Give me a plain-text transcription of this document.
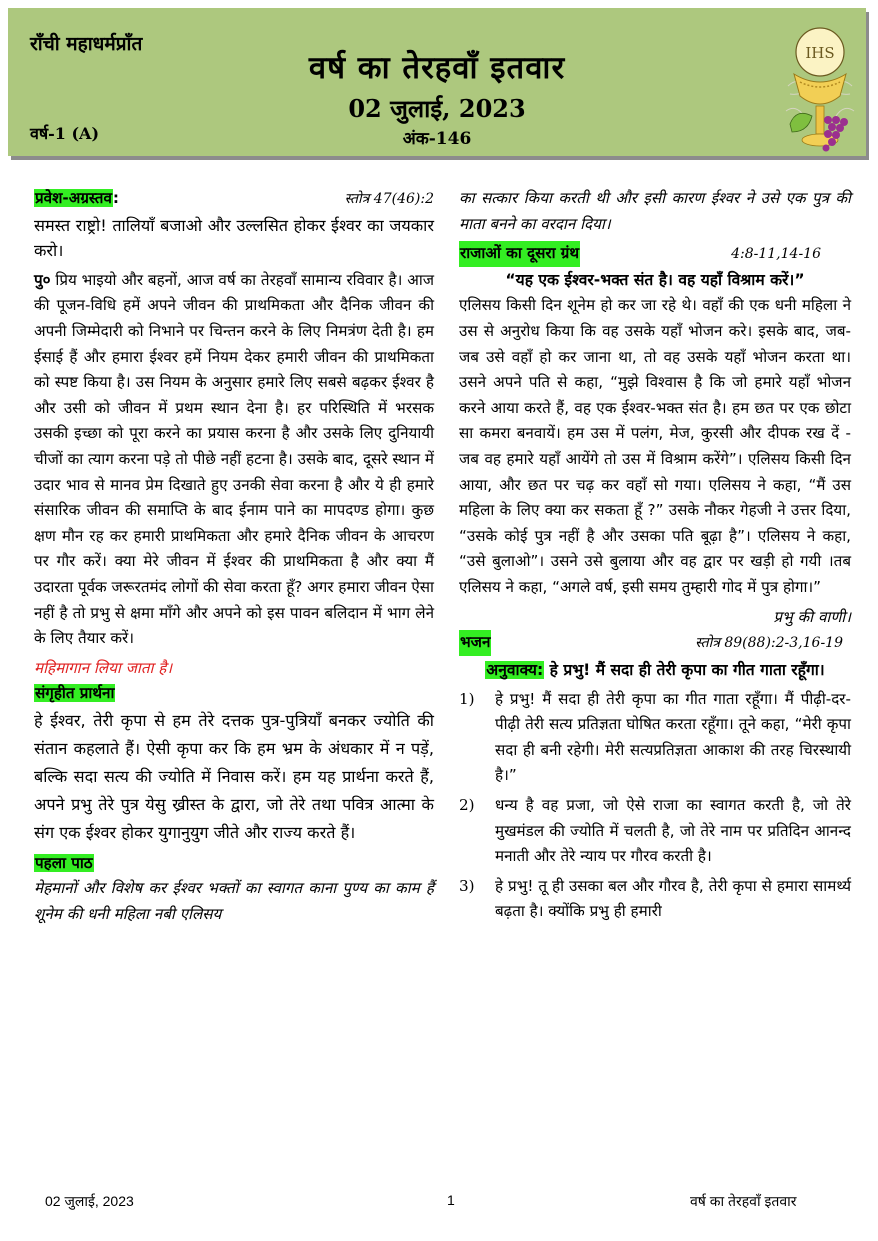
राँची महाधर्मप्राँत
वर्ष का तेरहवाँ इतवार
02 जुलाई, 2023
वर्ष-1 (A)	अंक-146
IHS
प्रवेश-अग्रस्तव:	स्तोत्र 47(46):2

समस्त राष्ट्रो! तालियाँ बजाओ और उल्लसित होकर ईश्वर का जयकार करो।

पु० प्रिय भाइयो और बहनों, आज वर्ष का तेरहवाँ सामान्य रविवार है। आज की पूजन-विधि हमें अपने जीवन की प्राथमिकता और दैनिक जीवन की अपनी जिम्मेदारी को निभाने पर चिन्तन करने के लिए निमत्रंण देती है। हम ईसाई हैं और हमारा ईश्वर हमें नियम देकर हमारी जीवन की प्राथमिकता को स्पष्ट किया है। उस नियम के अनुसार हमारे लिए सबसे बढ़कर ईश्वर है और उसी को जीवन में प्रथम स्थान देना है। हर परिस्थिति में भरसक उसकी इच्छा को पूरा करने का प्रयास करना है और उसके लिए दुनियायी चीजों का त्याग करना पड़े तो पीछे नहीं हटना है। उसके बाद, दूसरे स्थान में उदार भाव से मानव प्रेम दिखाते हुए उनकी सेवा करना है और ये ही हमारे संसारिक जीवन की समाप्ति के बाद ईनाम पाने का मापदण्ड होगा। कुछ क्षण मौन रह कर हमारी प्राथमिकता और हमारे दैनिक जीवन के आचरण पर गौर करें। क्या मेरे जीवन में ईश्वर की प्राथमिकता है और क्या मैं उदारता पूर्वक जरूरतमंद लोगों की सेवा करता हूँ? अगर हमारा जीवन ऐसा नहीं है तो प्रभु से क्षमा माँगे और अपने को इस पावन बलिदान में भाग लेने के लिए तैयार करें।

महिमागान लिया जाता है।
संगृहीत प्रार्थना

हे ईश्वर, तेरी कृपा से हम तेरे दत्तक पुत्र-पुत्रियाँ बनकर ज्योति की संतान कहलाते हैं। ऐसी कृपा कर कि हम भ्रम के अंधकार में न पड़ें, बल्कि सदा सत्य की ज्योति में निवास करें। हम यह प्रार्थना करते हैं, अपने प्रभु तेरे पुत्र येसु ख्रीस्त के द्वारा, जो तेरे तथा पवित्र आत्मा के संग एक ईश्वर होकर युगानुयुग जीते और राज्य करते हैं।

पहला पाठ

मेहमानों और विशेष कर ईश्वर भक्तों का स्वागत काना पुण्य का काम हैं शूनेम की धनी महिला नबी एलिसय

का सत्कार किया करती थी और इसी कारण ईश्वर ने उसे एक पुत्र की माता बनने का वरदान दिया।

राजाओं का दूसरा ग्रंथ	4:8-11,14-16
“यह एक ईश्वर-भक्त संत है। वह यहाँ विश्राम करें।”

एलिसय किसी दिन शूनेम हो कर जा रहे थे। वहाँ की एक धनी महिला ने उस से अनुरोध किया कि वह उसके यहाँ भोजन करे। इसके बाद, जब-जब उसे वहाँ हो कर जाना था, तो वह उसके यहाँ भोजन करता था। उसने अपने पति से कहा, “मुझे विश्वास है कि जो हमारे यहाँ भोजन करने आया करते हैं, वह एक ईश्वर-भक्त संत है। हम छत पर एक छोटा सा कमरा बनवायें। हम उस में पलंग, मेज, कुरसी और दीपक रख दें - जब वह हमारे यहाँ आयेंगे तो उस में विश्राम करेंगे”। एलिसय किसी दिन आया, और छत पर चढ़ कर वहाँ सो गया। एलिसय ने कहा, “मैं उस महिला के लिए क्या कर सकता हूँ ?” उसके नौकर गेहजी ने उत्तर दिया, “उसके कोई पुत्र नहीं है और उसका पति बूढ़ा है”। एलिसय ने कहा, “उसे बुलाओ”। उसने उसे बुलाया और वह द्वार पर खड़ी हो गयी ।तब एलिसय ने कहा, “अगले वर्ष, इसी समय तुम्हारी गोद में पुत्र होगा।”

प्रभु की वाणी।
भजन	स्तोत्र 89(88):2-3,16-19
अनुवाक्य: हे प्रभु! मैं सदा ही तेरी कृपा का गीत गाता रहूँगा।
1)	हे प्रभु! मैं सदा ही तेरी कृपा का गीत गाता रहूँगा। मैं पीढ़ी-दर-पीढ़ी तेरी सत्य प्रतिज्ञता घोषित करता रहूँगा। तूने कहा, “मेरी कृपा सदा ही बनी रहेगी। मेरी सत्यप्रतिज्ञता आकाश की तरह चिरस्थायी है।”
2)	धन्य है वह प्रजा, जो ऐसे राजा का स्वागत करती है, जो तेरे मुखमंडल की ज्योति में चलती है, जो तेरे नाम पर प्रतिदिन आनन्द मनाती और तेरे न्याय पर गौरव करती है।
3)	हे प्रभु! तू ही उसका बल और गौरव है, तेरी कृपा से हमारा सामर्थ्य बढ़ता है। क्योंकि प्रभु ही हमारी
02 जुलाई, 2023	1	वर्ष का तेरहवाँ इतवार
